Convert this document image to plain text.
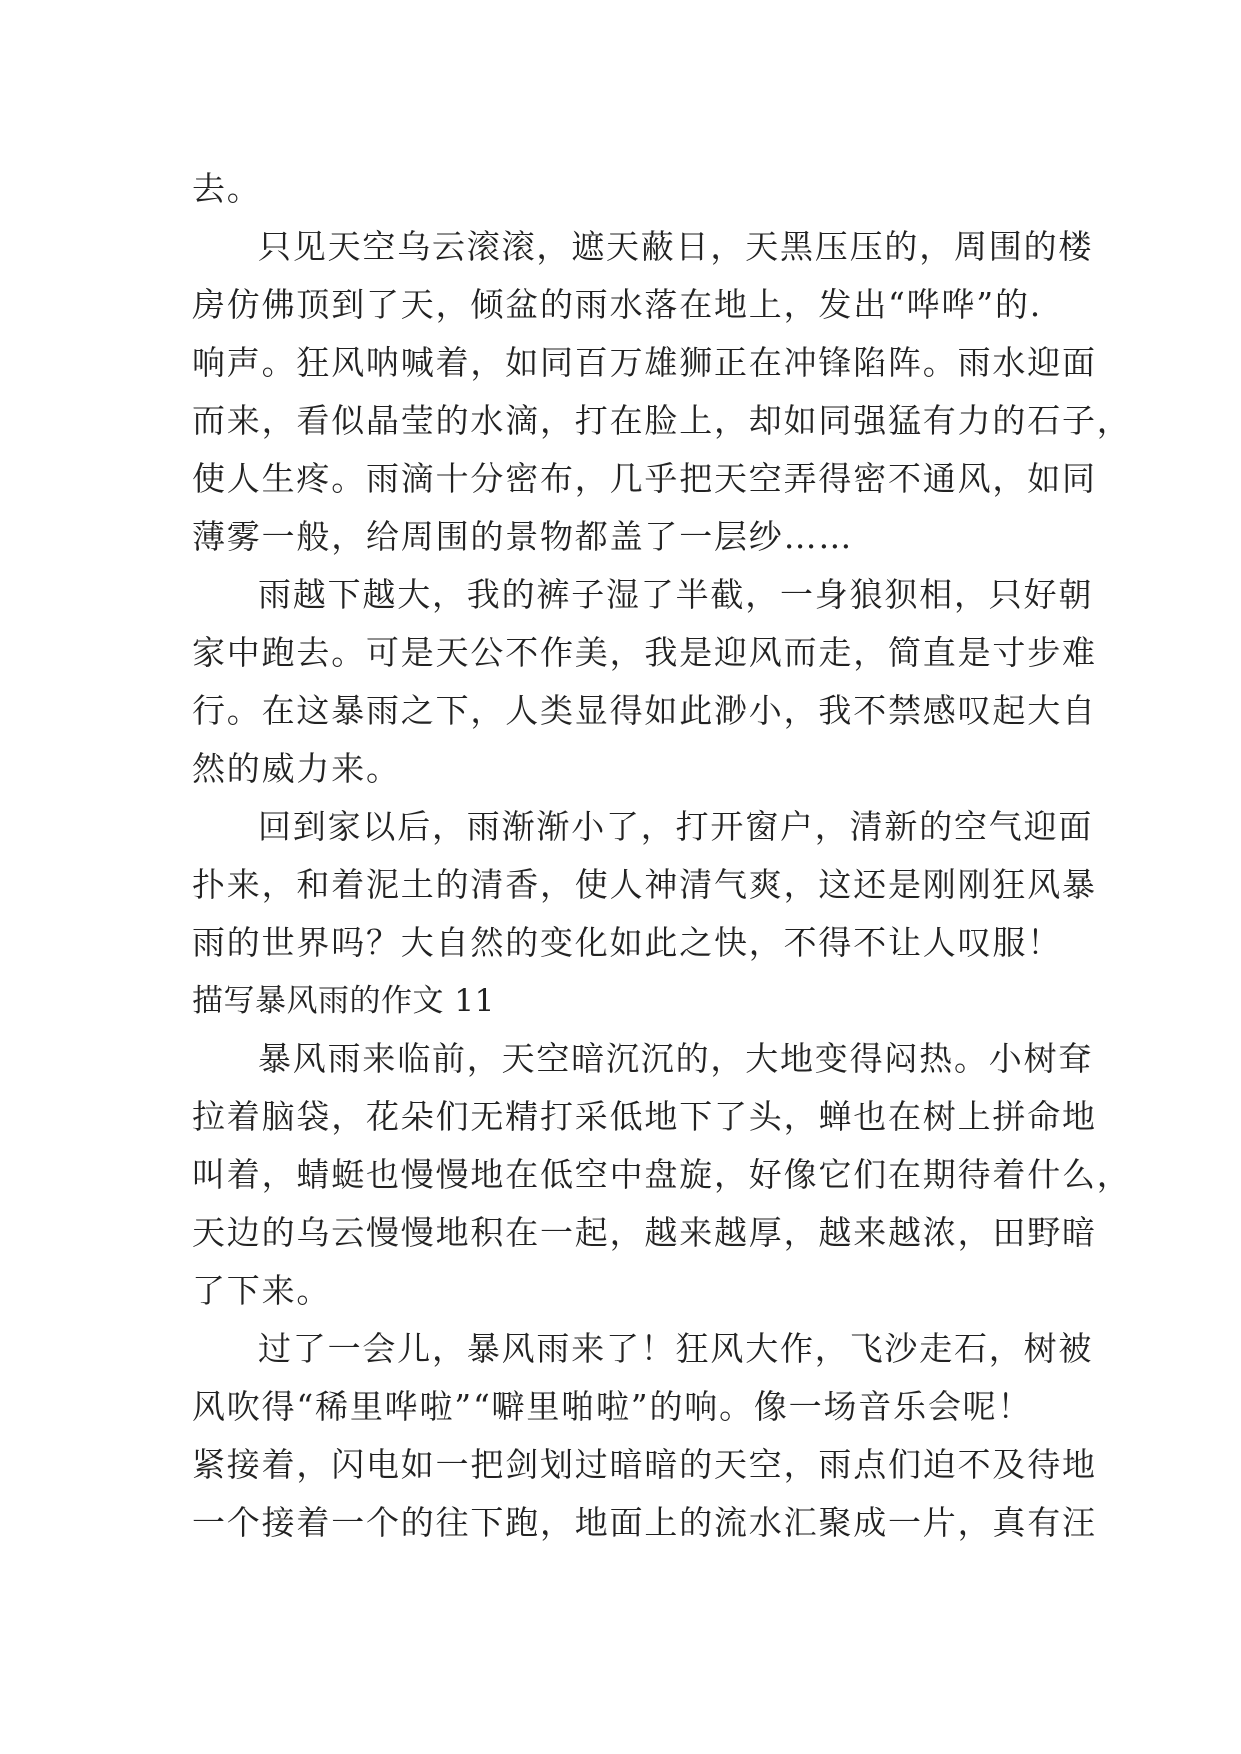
去。
只见天空乌云滚滚，遮天蔽日，天黑压压的，周围的楼
房仿佛顶到了天，倾盆的雨水落在地上，发出“哗哗”的.
响声。狂风呐喊着，如同百万雄狮正在冲锋陷阵。雨水迎面
而来，看似晶莹的水滴，打在脸上，却如同强猛有力的石子，
使人生疼。雨滴十分密布，几乎把天空弄得密不通风，如同
薄雾一般，给周围的景物都盖了一层纱……
雨越下越大，我的裤子湿了半截，一身狼狈相，只好朝
家中跑去。可是天公不作美，我是迎风而走，简直是寸步难
行。在这暴雨之下，人类显得如此渺小，我不禁感叹起大自
然的威力来。
回到家以后，雨渐渐小了，打开窗户，清新的空气迎面
扑来，和着泥土的清香，使人神清气爽，这还是刚刚狂风暴
雨的世界吗？大自然的变化如此之快，不得不让人叹服！
描写暴风雨的作文 11
暴风雨来临前，天空暗沉沉的，大地变得闷热。小树耷
拉着脑袋，花朵们无精打采低地下了头，蝉也在树上拼命地
叫着，蜻蜓也慢慢地在低空中盘旋，好像它们在期待着什么，
天边的乌云慢慢地积在一起，越来越厚，越来越浓，田野暗
了下来。
过了一会儿，暴风雨来了！狂风大作，飞沙走石，树被
风吹得“稀里哗啦”“噼里啪啦”的响。像一场音乐会呢！
紧接着，闪电如一把剑划过暗暗的天空，雨点们迫不及待地
一个接着一个的往下跑，地面上的流水汇聚成一片，真有汪
